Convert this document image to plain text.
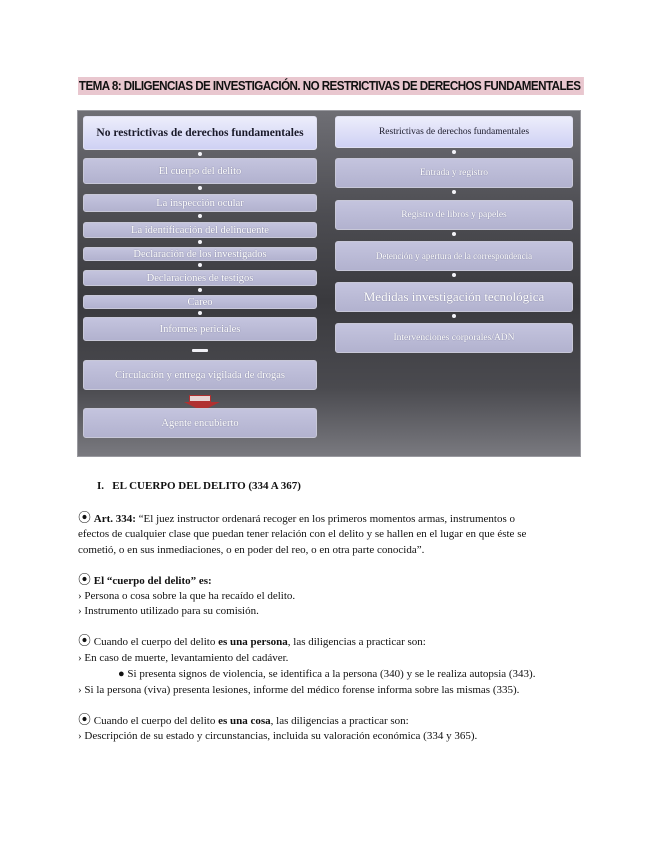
TEMA 8: DILIGENCIAS DE INVESTIGACIÓN. NO RESTRICTIVAS DE DERECHOS FUNDAMENTALES
No restrictivas de derechos fundamentales
El cuerpo del delito
La inspección ocular
La identificación del delincuente
Declaración de los investigados
Declaraciones de testigos
Careo
Informes periciales
Circulación y entrega vigilada de drogas
Agente encubierto
Restrictivas de derechos fundamentales
Entrada y registro
Registro de libros y papeles
Detención y apertura de la correspondencia
Medidas investigación tecnológica
Intervenciones corporales/ADN
I. EL CUERPO DEL DELITO (334 A 367)
⦿ Art. 334: “El juez instructor ordenará recoger en los primeros momentos armas, instrumentos o
efectos de cualquier clase que puedan tener relación con el delito y se hallen en el lugar en que éste se
cometió, o en sus inmediaciones, o en poder del reo, o en otra parte conocida”.
⦿ El “cuerpo del delito” es:
› Persona o cosa sobre la que ha recaído el delito.
› Instrumento utilizado para su comisión.
⦿ Cuando el cuerpo del delito es una persona, las diligencias a practicar son:
› En caso de muerte, levantamiento del cadáver.
● Si presenta signos de violencia, se identifica a la persona (340) y se le realiza autopsia (343).
› Si la persona (viva) presenta lesiones, informe del médico forense informa sobre las mismas (335).
⦿ Cuando el cuerpo del delito es una cosa, las diligencias a practicar son:
› Descripción de su estado y circunstancias, incluida su valoración económica (334 y 365).
